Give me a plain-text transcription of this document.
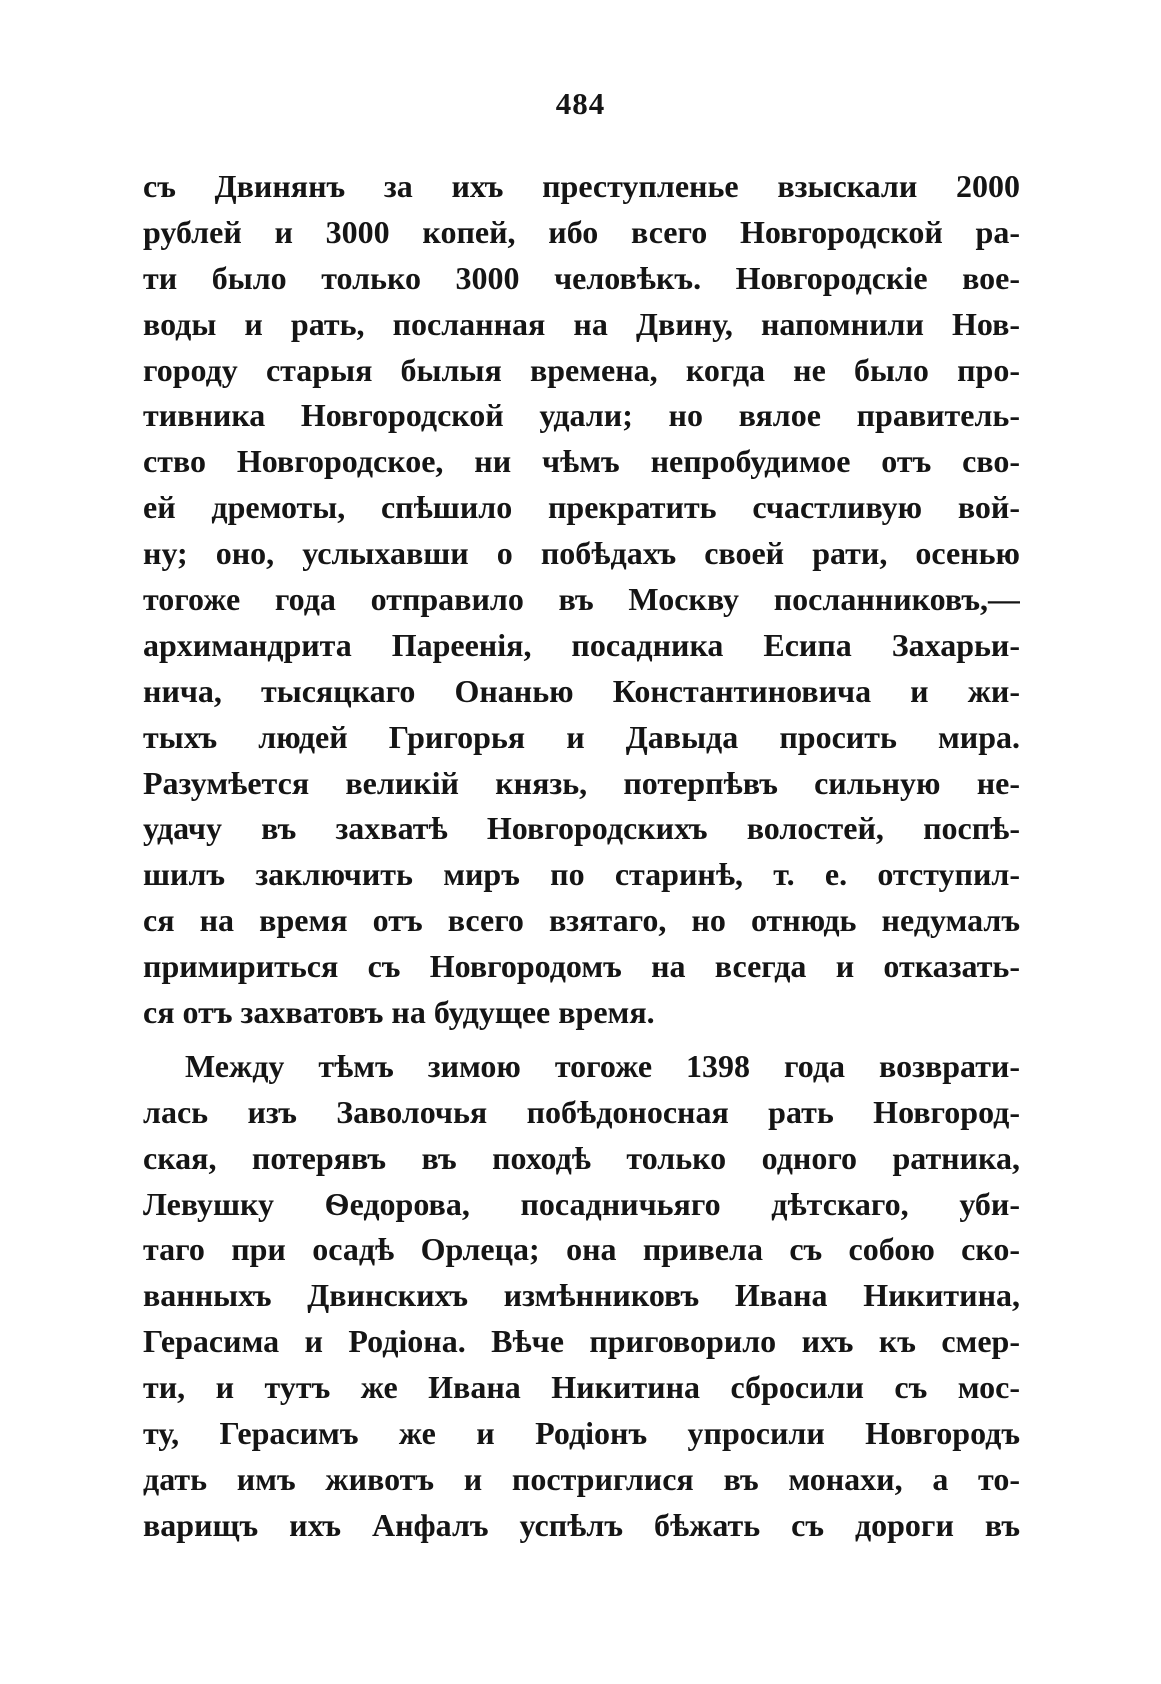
484
съ Двинянъ за ихъ преступленье взыскали 2000
рублей и 3000 копей, ибо всего Новгородской ра-
ти было только 3000 человѣкъ. Новгородскіе вое-
воды и рать, посланная на Двину, напомнили Нов-
городу старыя былыя времена, когда не было про-
тивника Новгородской удали; но вялое правитель-
ство Новгородское, ни чѣмъ непробудимое отъ сво-
ей дремоты, спѣшило прекратить счастливую вой-
ну; оно, услыхавши о побѣдахъ своей рати, осенью
тогоже года отправило въ Москву посланниковъ,—
архимандрита Пареенія, посадника Есипа Захарьи-
нича, тысяцкаго Онанью Константиновича и жи-
тыхъ людей Григорья и Давыда просить мира.
Разумѣется великій князь, потерпѣвъ сильную не-
удачу въ захватѣ Новгородскихъ волостей, поспѣ-
шилъ заключить миръ по старинѣ, т. е. отступил-
ся на время отъ всего взятаго, но отнюдь недумалъ
примириться съ Новгородомъ на всегда и отказать-
ся отъ захватовъ на будущее время.
Между тѣмъ зимою тогоже 1398 года возврати-
лась изъ Заволочья побѣдоносная рать Новгород-
ская, потерявъ въ походѣ только одного ратника,
Левушку Ѳедорова, посадничьяго дѣтскаго, уби-
таго при осадѣ Орлеца; она привела съ собою ско-
ванныхъ Двинскихъ измѣнниковъ Ивана Никитина,
Герасима и Родіона. Вѣче приговорило ихъ къ смер-
ти, и тутъ же Ивана Никитина сбросили съ мос-
ту, Герасимъ же и Родіонъ упросили Новгородъ
дать имъ животъ и постриглися въ монахи, а то-
варищъ ихъ Анфалъ успѣлъ бѣжать съ дороги въ
